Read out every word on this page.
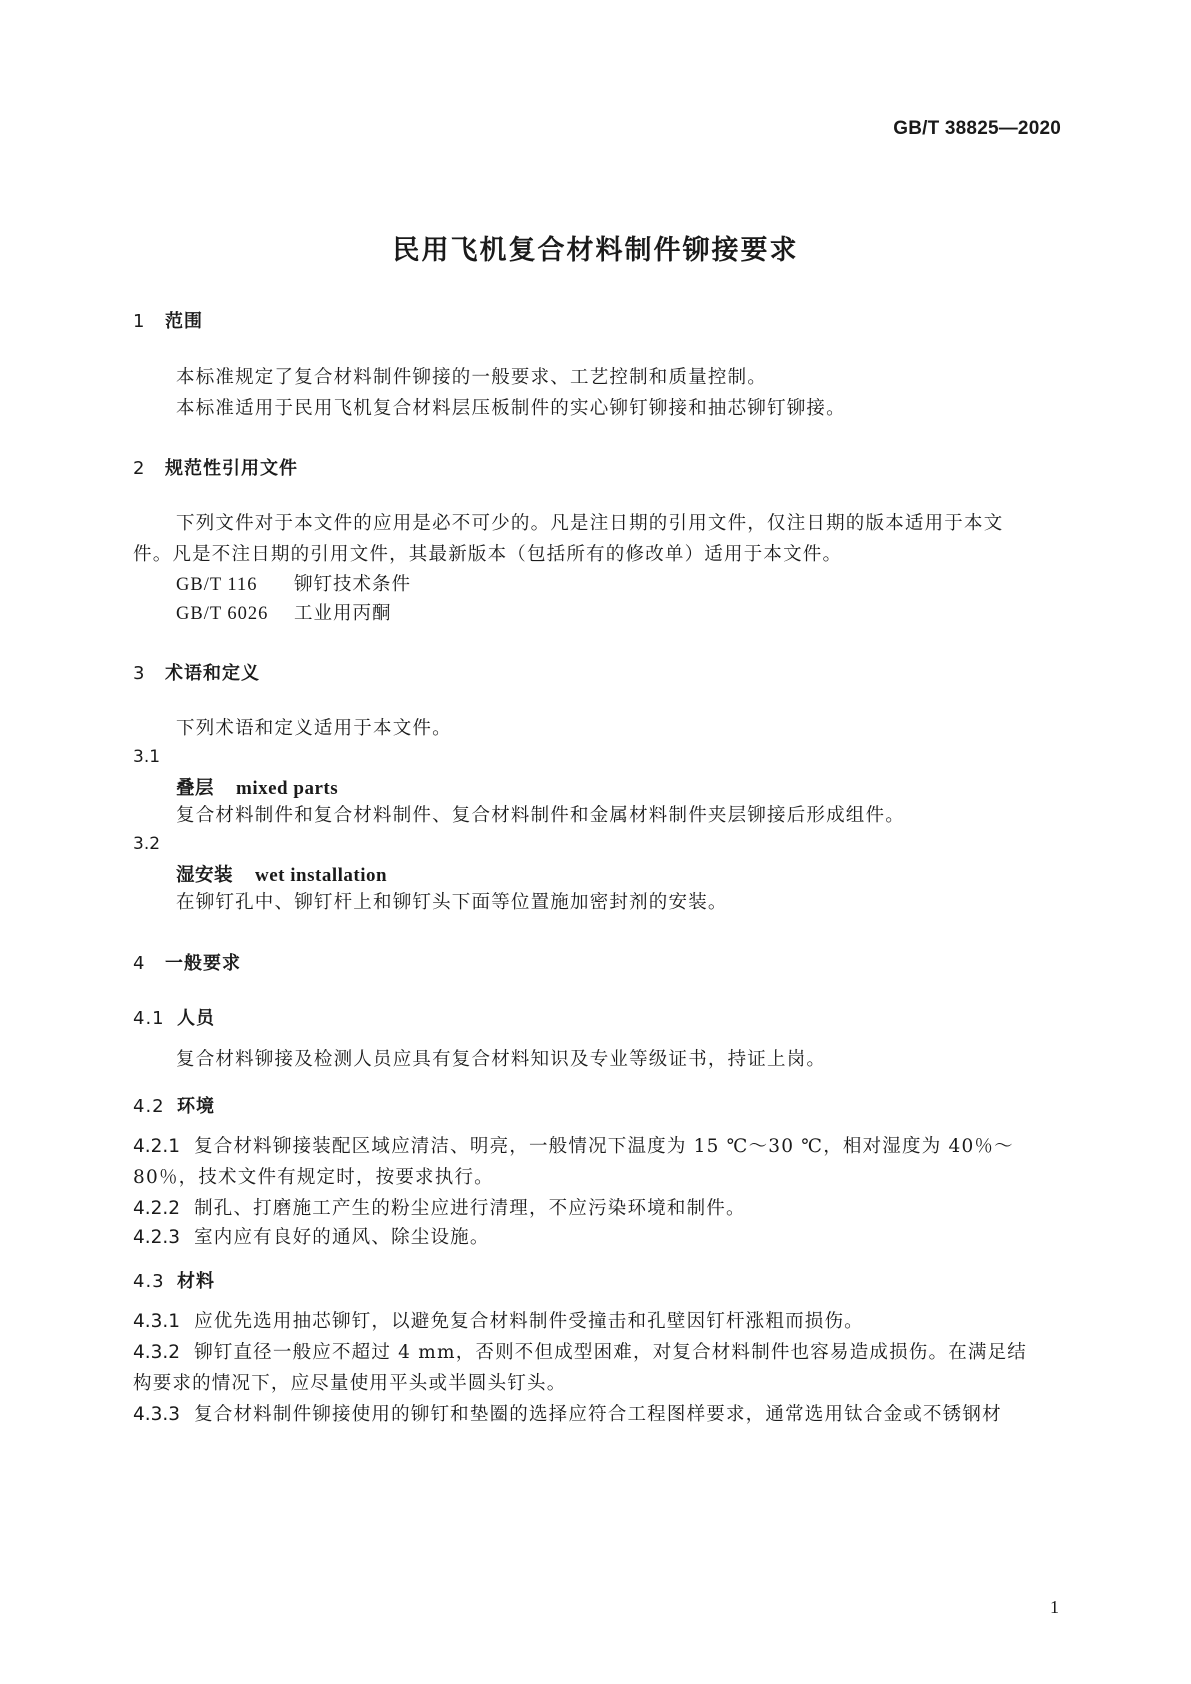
GB/T 38825—2020
民用飞机复合材料制件铆接要求
1 范围
本标准规定了复合材料制件铆接的一般要求、工艺控制和质量控制。
本标准适用于民用飞机复合材料层压板制件的实心铆钉铆接和抽芯铆钉铆接。
2 规范性引用文件
下列文件对于本文件的应用是必不可少的。凡是注日期的引用文件，仅注日期的版本适用于本文
件。凡是不注日期的引用文件，其最新版本（包括所有的修改单）适用于本文件。
GB/T 116 铆钉技术条件
GB/T 6026 工业用丙酮
3 术语和定义
下列术语和定义适用于本文件。
3.1
叠层 mixed parts
复合材料制件和复合材料制件、复合材料制件和金属材料制件夹层铆接后形成组件。
3.2
湿安装 wet installation
在铆钉孔中、铆钉杆上和铆钉头下面等位置施加密封剂的安装。
4 一般要求
4.1 人员
复合材料铆接及检测人员应具有复合材料知识及专业等级证书，持证上岗。
4.2 环境
4.2.1 复合材料铆接装配区域应清洁、明亮，一般情况下温度为 15 ℃～30 ℃，相对湿度为 40％～
80％，技术文件有规定时，按要求执行。
4.2.2 制孔、打磨施工产生的粉尘应进行清理，不应污染环境和制件。
4.2.3 室内应有良好的通风、除尘设施。
4.3 材料
4.3.1 应优先选用抽芯铆钉，以避免复合材料制件受撞击和孔壁因钉杆涨粗而损伤。
4.3.2 铆钉直径一般应不超过 4 mm，否则不但成型困难，对复合材料制件也容易造成损伤。在满足结
构要求的情况下，应尽量使用平头或半圆头钉头。
4.3.3 复合材料制件铆接使用的铆钉和垫圈的选择应符合工程图样要求，通常选用钛合金或不锈钢材
1
